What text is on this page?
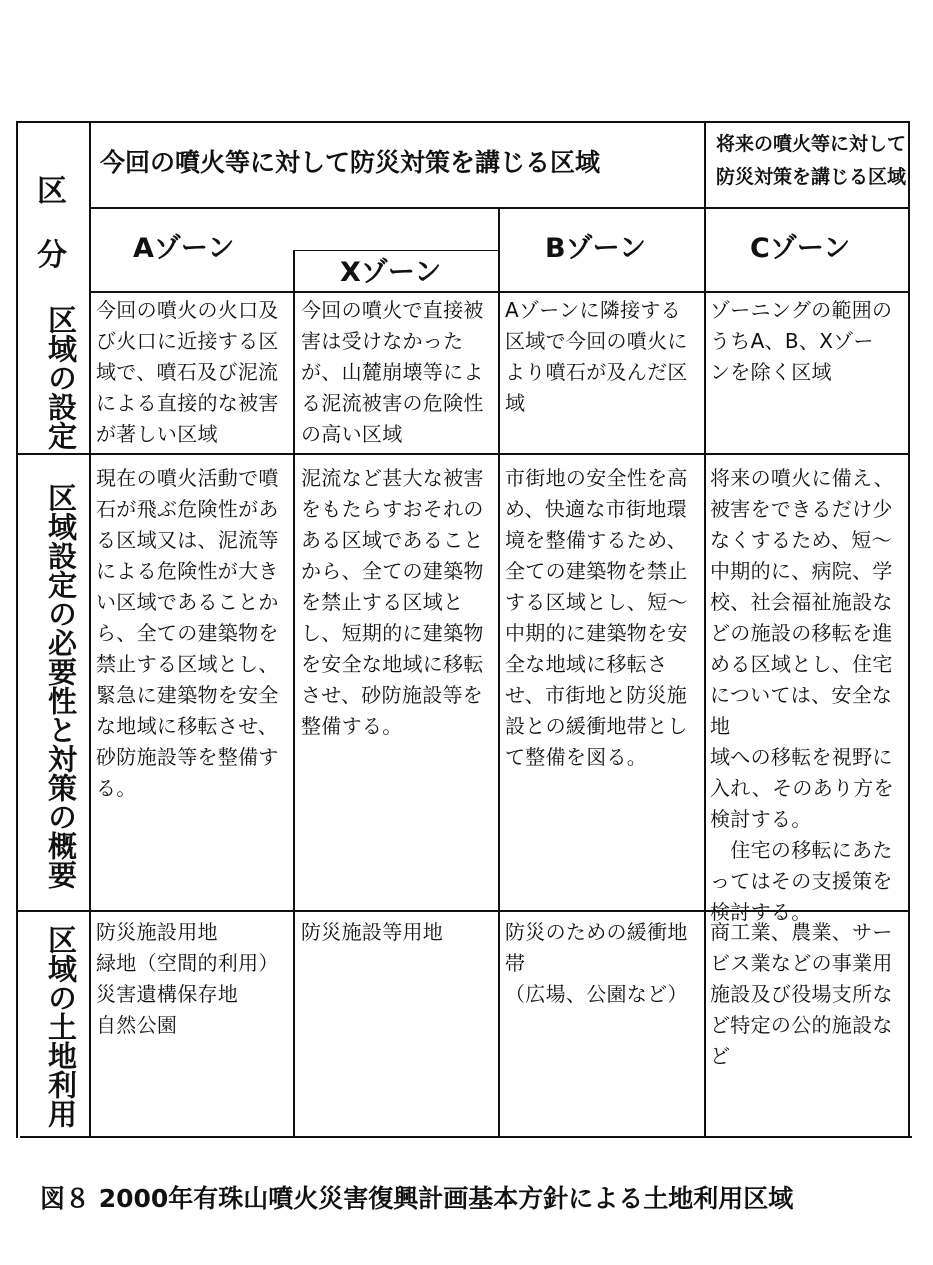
区
分
今回の噴火等に対して防災対策を講じる区域
将来の噴火等に対して
防災対策を講じる区域
Aゾーン
Xゾーン
Bゾーン	Cゾーン
区域の設定
区域設定の必要性と対策の概要
区域の土地利用
今回の噴火の火口及
び火口に近接する区
域で、噴石及び泥流
による直接的な被害
が著しい区域
今回の噴火で直接被
害は受けなかった
が、山麓崩壊等によ
る泥流被害の危険性
の高い区域
Aゾーンに隣接する
区域で今回の噴火に
より噴石が及んだ区
域
ゾーニングの範囲の
うちA、B、Xゾー
ンを除く区域
現在の噴火活動で噴
石が飛ぶ危険性があ
る区域又は、泥流等
による危険性が大き
い区域であることか
ら、全ての建築物を
禁止する区域とし、
緊急に建築物を安全
な地域に移転させ、
砂防施設等を整備す
る。
泥流など甚大な被害
をもたらすおそれの
ある区域であること
から、全ての建築物
を禁止する区域と
し、短期的に建築物
を安全な地域に移転
させ、砂防施設等を
整備する。
市街地の安全性を高
め、快適な市街地環
境を整備するため、
全ての建築物を禁止
する区域とし、短〜
中期的に建築物を安
全な地域に移転さ
せ、市街地と防災施
設との緩衝地帯とし
て整備を図る。
将来の噴火に備え、
被害をできるだけ少
なくするため、短〜
中期的に、病院、学
校、社会福祉施設な
どの施設の移転を進
める区域とし、住宅
については、安全な地
域への移転を視野に
入れ、そのあり方を
検討する。
　住宅の移転にあた
ってはその支援策を
検討する。
防災施設用地
緑地（空間的利用）
災害遺構保存地
自然公園
防災施設等用地	防災のための緩衝地
帯
（広場、公園など）
商工業、農業、サー
ビス業などの事業用
施設及び役場支所な
ど特定の公的施設な
ど
図８ 2000年有珠山噴火災害復興計画基本方針による土地利用区域
